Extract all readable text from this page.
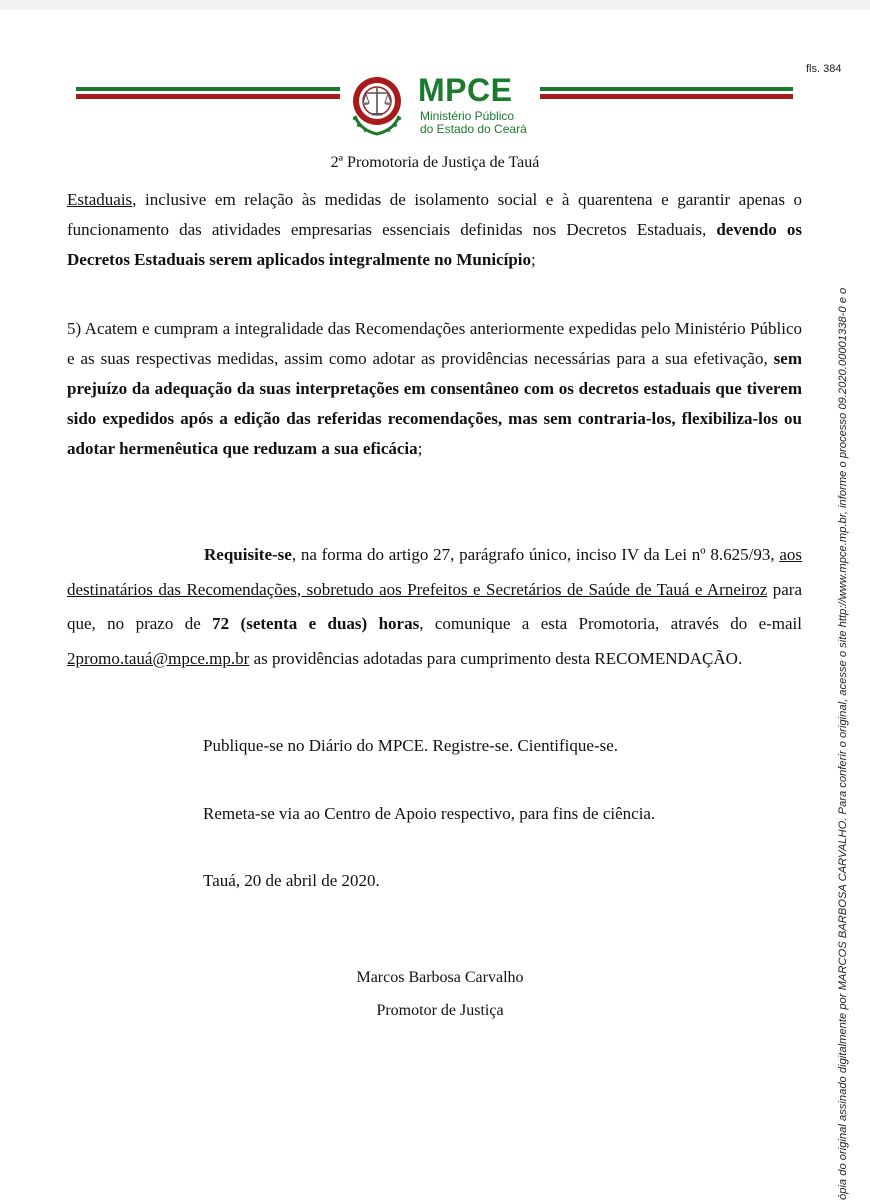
fls. 384
MPCE
Ministério Público
do Estado do Ceará
2ª Promotoria de Justiça de Tauá
Estaduais, inclusive em relação às medidas de isolamento social e à quarentena e garantir apenas o funcionamento das atividades empresarias essenciais definidas nos Decretos Estaduais, devendo os Decretos Estaduais serem aplicados integralmente no Município;
5) Acatem e cumpram a integralidade das Recomendações anteriormente expedidas pelo Ministério Público e as suas respectivas medidas, assim como adotar as providências necessárias para a sua efetivação, sem prejuízo da adequação da suas interpretações em consentâneo com os decretos estaduais que tiverem sido expedidos após a edição das referidas recomendações, mas sem contraria-los, flexibiliza-los ou adotar hermenêutica que reduzam a sua eficácia;
Requisite-se, na forma do artigo 27, parágrafo único, inciso IV da Lei nº 8.625/93, aos destinatários das Recomendações, sobretudo aos Prefeitos e Secretários de Saúde de Tauá e Arneiroz para que, no prazo de 72 (setenta e duas) horas, comunique a esta Promotoria, através do e-mail 2promo.tauá@mpce.mp.br as providências adotadas para cumprimento desta RECOMENDAÇÃO.
Publique-se no Diário do MPCE. Registre-se. Cientifique-se.
Remeta-se via ao Centro de Apoio respectivo, para fins de ciência.
Tauá, 20 de abril de 2020.
Marcos Barbosa Carvalho
Promotor de Justiça	ópia do original assinado digitalmente por MARCOS BARBOSA CARVALHO. Para conferir o original, acesse o site http://www.mpce.mp.br, informe o processo 09.2020.00001338-0 e o
